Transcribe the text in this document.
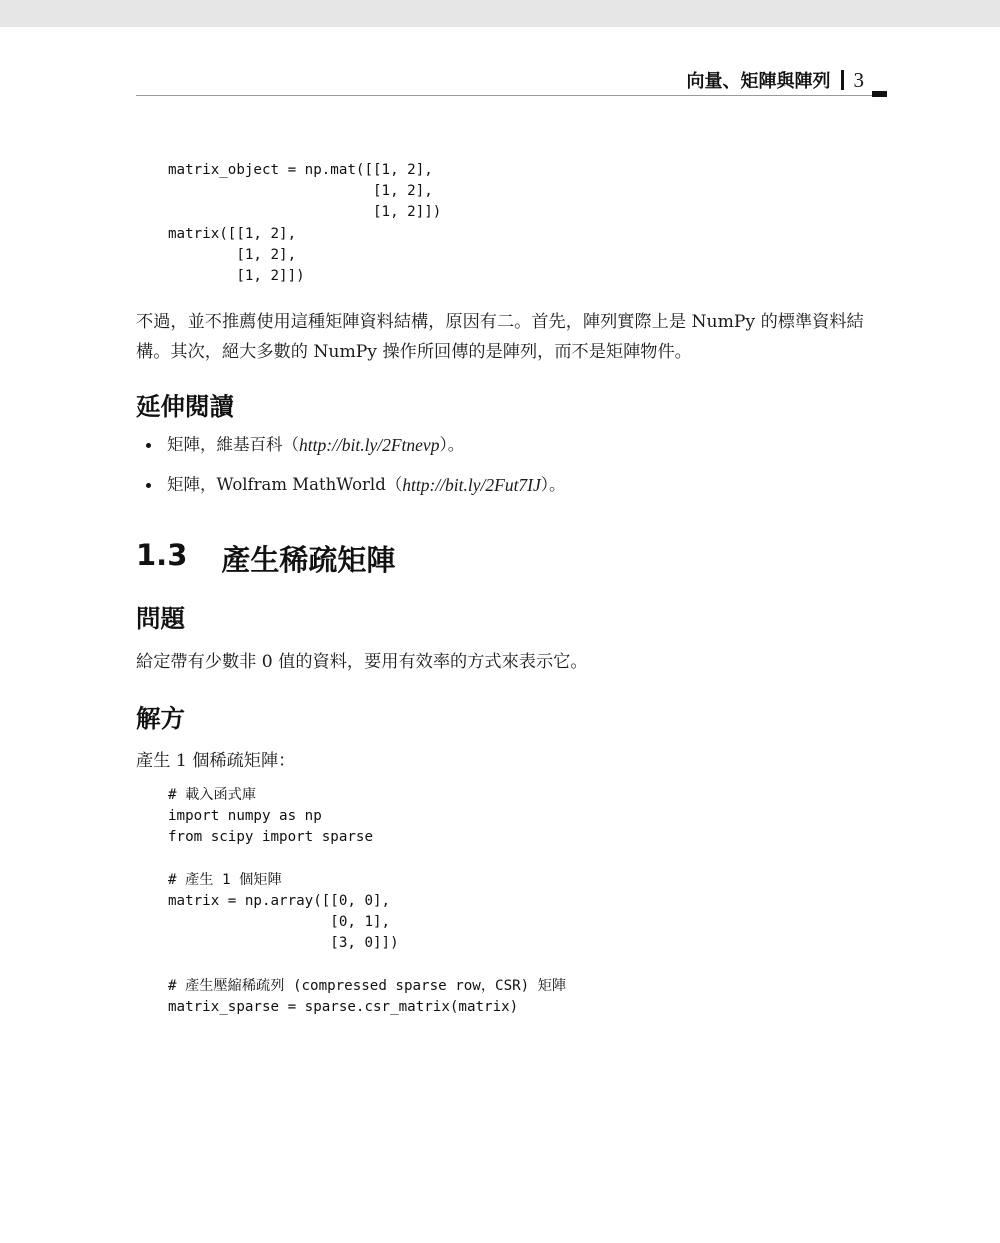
向量、矩陣與陣列 3
matrix_object = np.mat([[1, 2],
[1, 2],
[1, 2]])
matrix([[1, 2],
[1, 2],
[1, 2]])

不過，並不推薦使用這種矩陣資料結構，原因有二。首先，陣列實際上是 NumPy 的標準資料結構。其次，絕大多數的 NumPy 操作所回傳的是陣列，而不是矩陣物件。

延伸閱讀
矩陣，維基百科（ http://bit.ly/2Ftnevp ）。
矩陣，Wolfram MathWorld（ http://bit.ly/2Fut7IJ ）。
1.3 產生稀疏矩陣
問題

給定帶有少數非 0 值的資料，要用有效率的方式來表示它。

解方

產生 1 個稀疏矩陣：

# 載入函式庫
import numpy as np
from scipy import sparse
# 產生 1 個矩陣
matrix = np.array([[0, 0],
[0, 1],
[3, 0]])
# 產生壓縮稀疏列 (compressed sparse row，CSR) 矩陣
matrix_sparse = sparse.csr_matrix(matrix)
